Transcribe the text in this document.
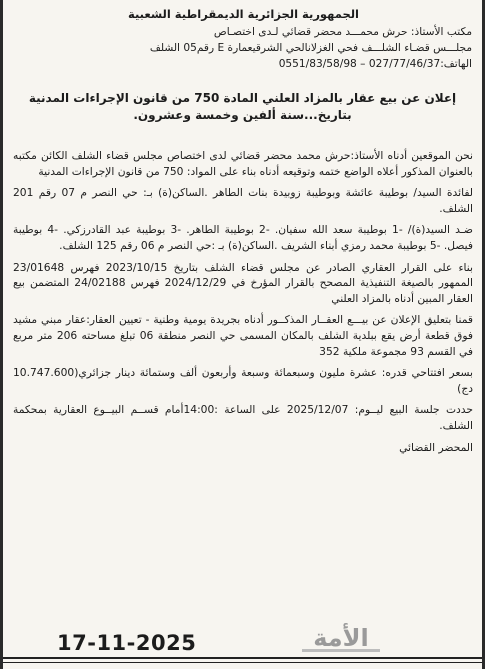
الجمهورية الجزائرية الديمقراطية الشعبية
مكتب الأستاذ: حرش محمـــد محضر قضائي لـدى اختصـاص
مجلـــس قضـاء الشلـــف فحي الغزلانالحي الشرقيعمارة E رقم05 الشلف
الهاتف:027/77/46/37 – 0551/83/58/98
إعلان عن بيع عقار بالمزاد العلني المادة 750 من قانون الإجراءات المدنية
بتاريخ...سنة ألفين وخمسة وعشرون.

نحن الموقعين أدناه الأستاذ:حرش محمد محضر قضائي لدى اختصاص مجلس قضاء الشلف الكائن مكتبه بالعنوان المذكور أعلاه الواضع ختمه وتوقيعه أدناه بناء على المواد: 750 من قانون الإجراءات المدنية

لفائدة السيد/ بوطيبة عائشة وبوطيبة زوبيدة بنات الطاهر .الساكن(ة) بـ: حي النصر م 07 رقم 201 الشلف.

ضـد السيد(ة)/ -1 بوطيبة سعد الله سفيان. -2 بوطيبة الطاهر. -3 بوطيبة عبد القادرزكي. -4 بوطيبة فيصل. -5 بوطيبة محمد رمزي أبناء الشريف .الساكن(ة) بـ :حي النصر م 06 رقم 125 الشلف.

بناء على القرار العقاري الصادر عن مجلس قضاء الشلف بتاريخ 2023/10/15 فهرس 23/01648 الممهور بالصيغة التنفيذية المصحح بالقرار المؤرخ في 2024/12/29 فهرس 24/02188 المتضمن بيع العقار المبين أدناه بالمزاد العلني

قمنا بتعليق الإعلان عن بيـــع العقــار المذكــور أدناه بجريدة يومية وطنية - تعيين العقار:عقار مبني مشيد فوق قطعة أرض يقع ببلدية الشلف بالمكان المسمى حي النصر منطقة 06 تبلغ مساحته 206 متر مربع في القسم 93 مجموعة ملكية 352

بسعر افتتاحي قدره: عشرة مليون وسبعمائة وسبعة وأربعون ألف وستمائة دينار جزائري(10.747.600 دج)

حددت جلسة البيع ليــوم: 2025/12/07 على الساعة :14:00أمام قســم البيــوع العقارية بمحكمة الشلف.

المحضر القضائي
17-11-2025	الأمة
